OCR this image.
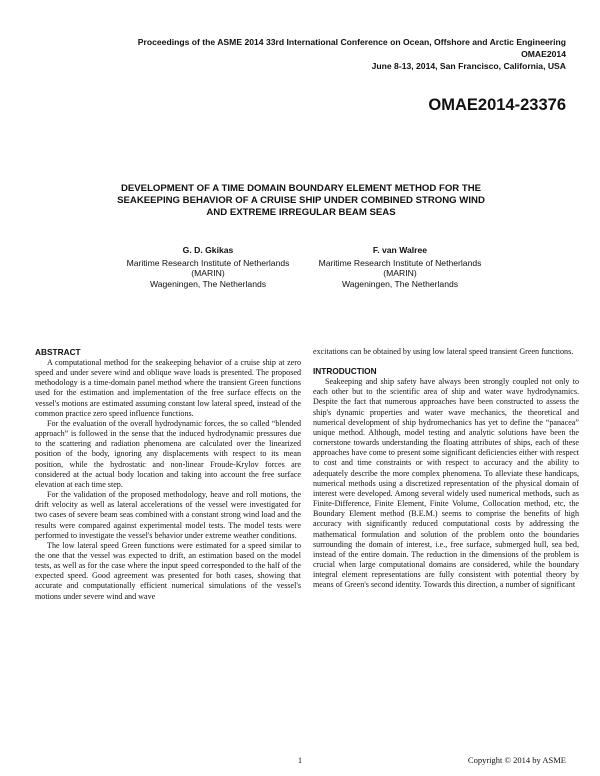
Proceedings of the ASME 2014 33rd International Conference on Ocean, Offshore and Arctic Engineering
OMAE2014
June 8-13, 2014, San Francisco, California, USA
OMAE2014-23376
DEVELOPMENT OF A TIME DOMAIN BOUNDARY ELEMENT METHOD FOR THE
SEAKEEPING BEHAVIOR OF A CRUISE SHIP UNDER COMBINED STRONG WIND
AND EXTREME IRREGULAR BEAM SEAS
G. D. Gkikas
Maritime Research Institute of Netherlands
(MARIN)
Wageningen, The Netherlands
F. van Walree
Maritime Research Institute of Netherlands
(MARIN)
Wageningen, The Netherlands
ABSTRACT

A computational method for the seakeeping behavior of a cruise ship at zero speed and under severe wind and oblique wave loads is presented. The proposed methodology is a time-domain panel method where the transient Green functions used for the estimation and implementation of the free surface effects on the vessel's motions are estimated assuming constant low lateral speed, instead of the common practice zero speed influence functions.

For the evaluation of the overall hydrodynamic forces, the so called “blended approach” is followed in the sense that the induced hydrodynamic pressures due to the scattering and radiation phenomena are calculated over the linearized position of the body, ignoring any displacements with respect to its mean position, while the hydrostatic and non-linear Froude-Krylov forces are considered at the actual body location and taking into account the free surface elevation at each time step.

For the validation of the proposed methodology, heave and roll motions, the drift velocity as well as lateral accelerations of the vessel were investigated for two cases of severe beam seas combined with a constant strong wind load and the results were compared against experimental model tests. The model tests were performed to investigate the vessel's behavior under extreme weather conditions.

The low lateral speed Green functions were estimated for a speed similar to the one that the vessel was expected to drift, an estimation based on the model tests, as well as for the case where the input speed corresponded to the half of the expected speed. Good agreement was presented for both cases, showing that accurate and computationally efficient numerical simulations of the vessel's motions under severe wind and wave

excitations can be obtained by using low lateral speed transient Green functions.

INTRODUCTION

Seakeeping and ship safety have always been strongly coupled not only to each other but to the scientific area of ship and water wave hydrodynamics. Despite the fact that numerous approaches have been constructed to assess the ship's dynamic properties and water wave mechanics, the theoretical and numerical development of ship hydromechanics has yet to define the “panacea” unique method. Although, model testing and analytic solutions have been the cornerstone towards understanding the floating attributes of ships, each of these approaches have come to present some significant deficiencies either with respect to cost and time constraints or with respect to accuracy and the ability to adequately describe the more complex phenomena. To alleviate these handicaps, numerical methods using a discretized representation of the physical domain of interest were developed. Among several widely used numerical methods, such as Finite-Difference, Finite Element, Finite Volume, Collocation method, etc, the Boundary Element method (B.E.M.) seems to comprise the benefits of high accuracy with significantly reduced computational costs by addressing the mathematical formulation and solution of the problem onto the boundaries surrounding the domain of interest, i.e., free surface, submerged hull, sea bed, instead of the entire domain. The reduction in the dimensions of the problem is crucial when large computational domains are considered, while the boundary integral element representations are fully consistent with potential theory by means of Green's second identity. Towards this direction, a number of significant

1	Copyright © 2014 by ASME
